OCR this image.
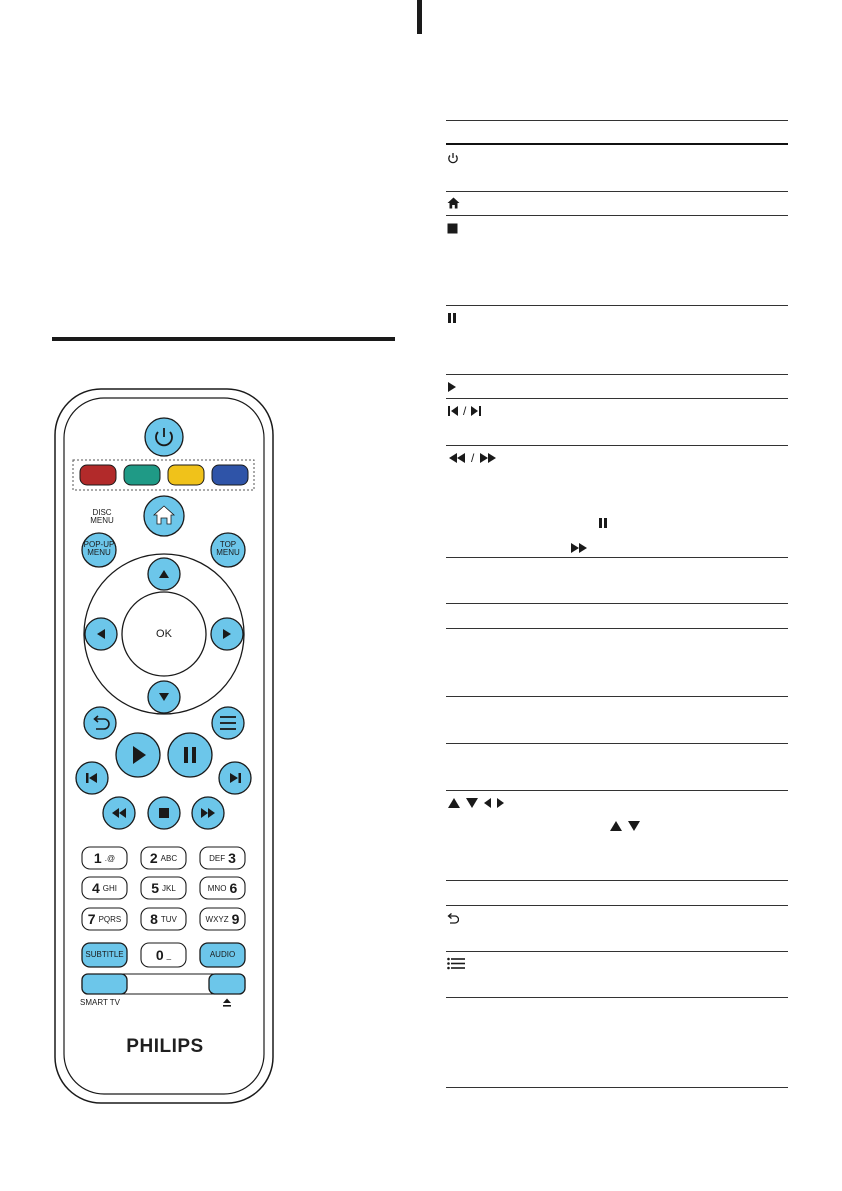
DISC
MENU
POP-UP
MENU
TOP
MENU
OK
SUBTITLE	AUDIO
SMART TV
PHILIPS
1 .@ 2 ABC	DEF 3
4 GHI 5 JKL	MNO 6
7 PQRS 8 TUV	WXYZ 9
0 _
/
/
